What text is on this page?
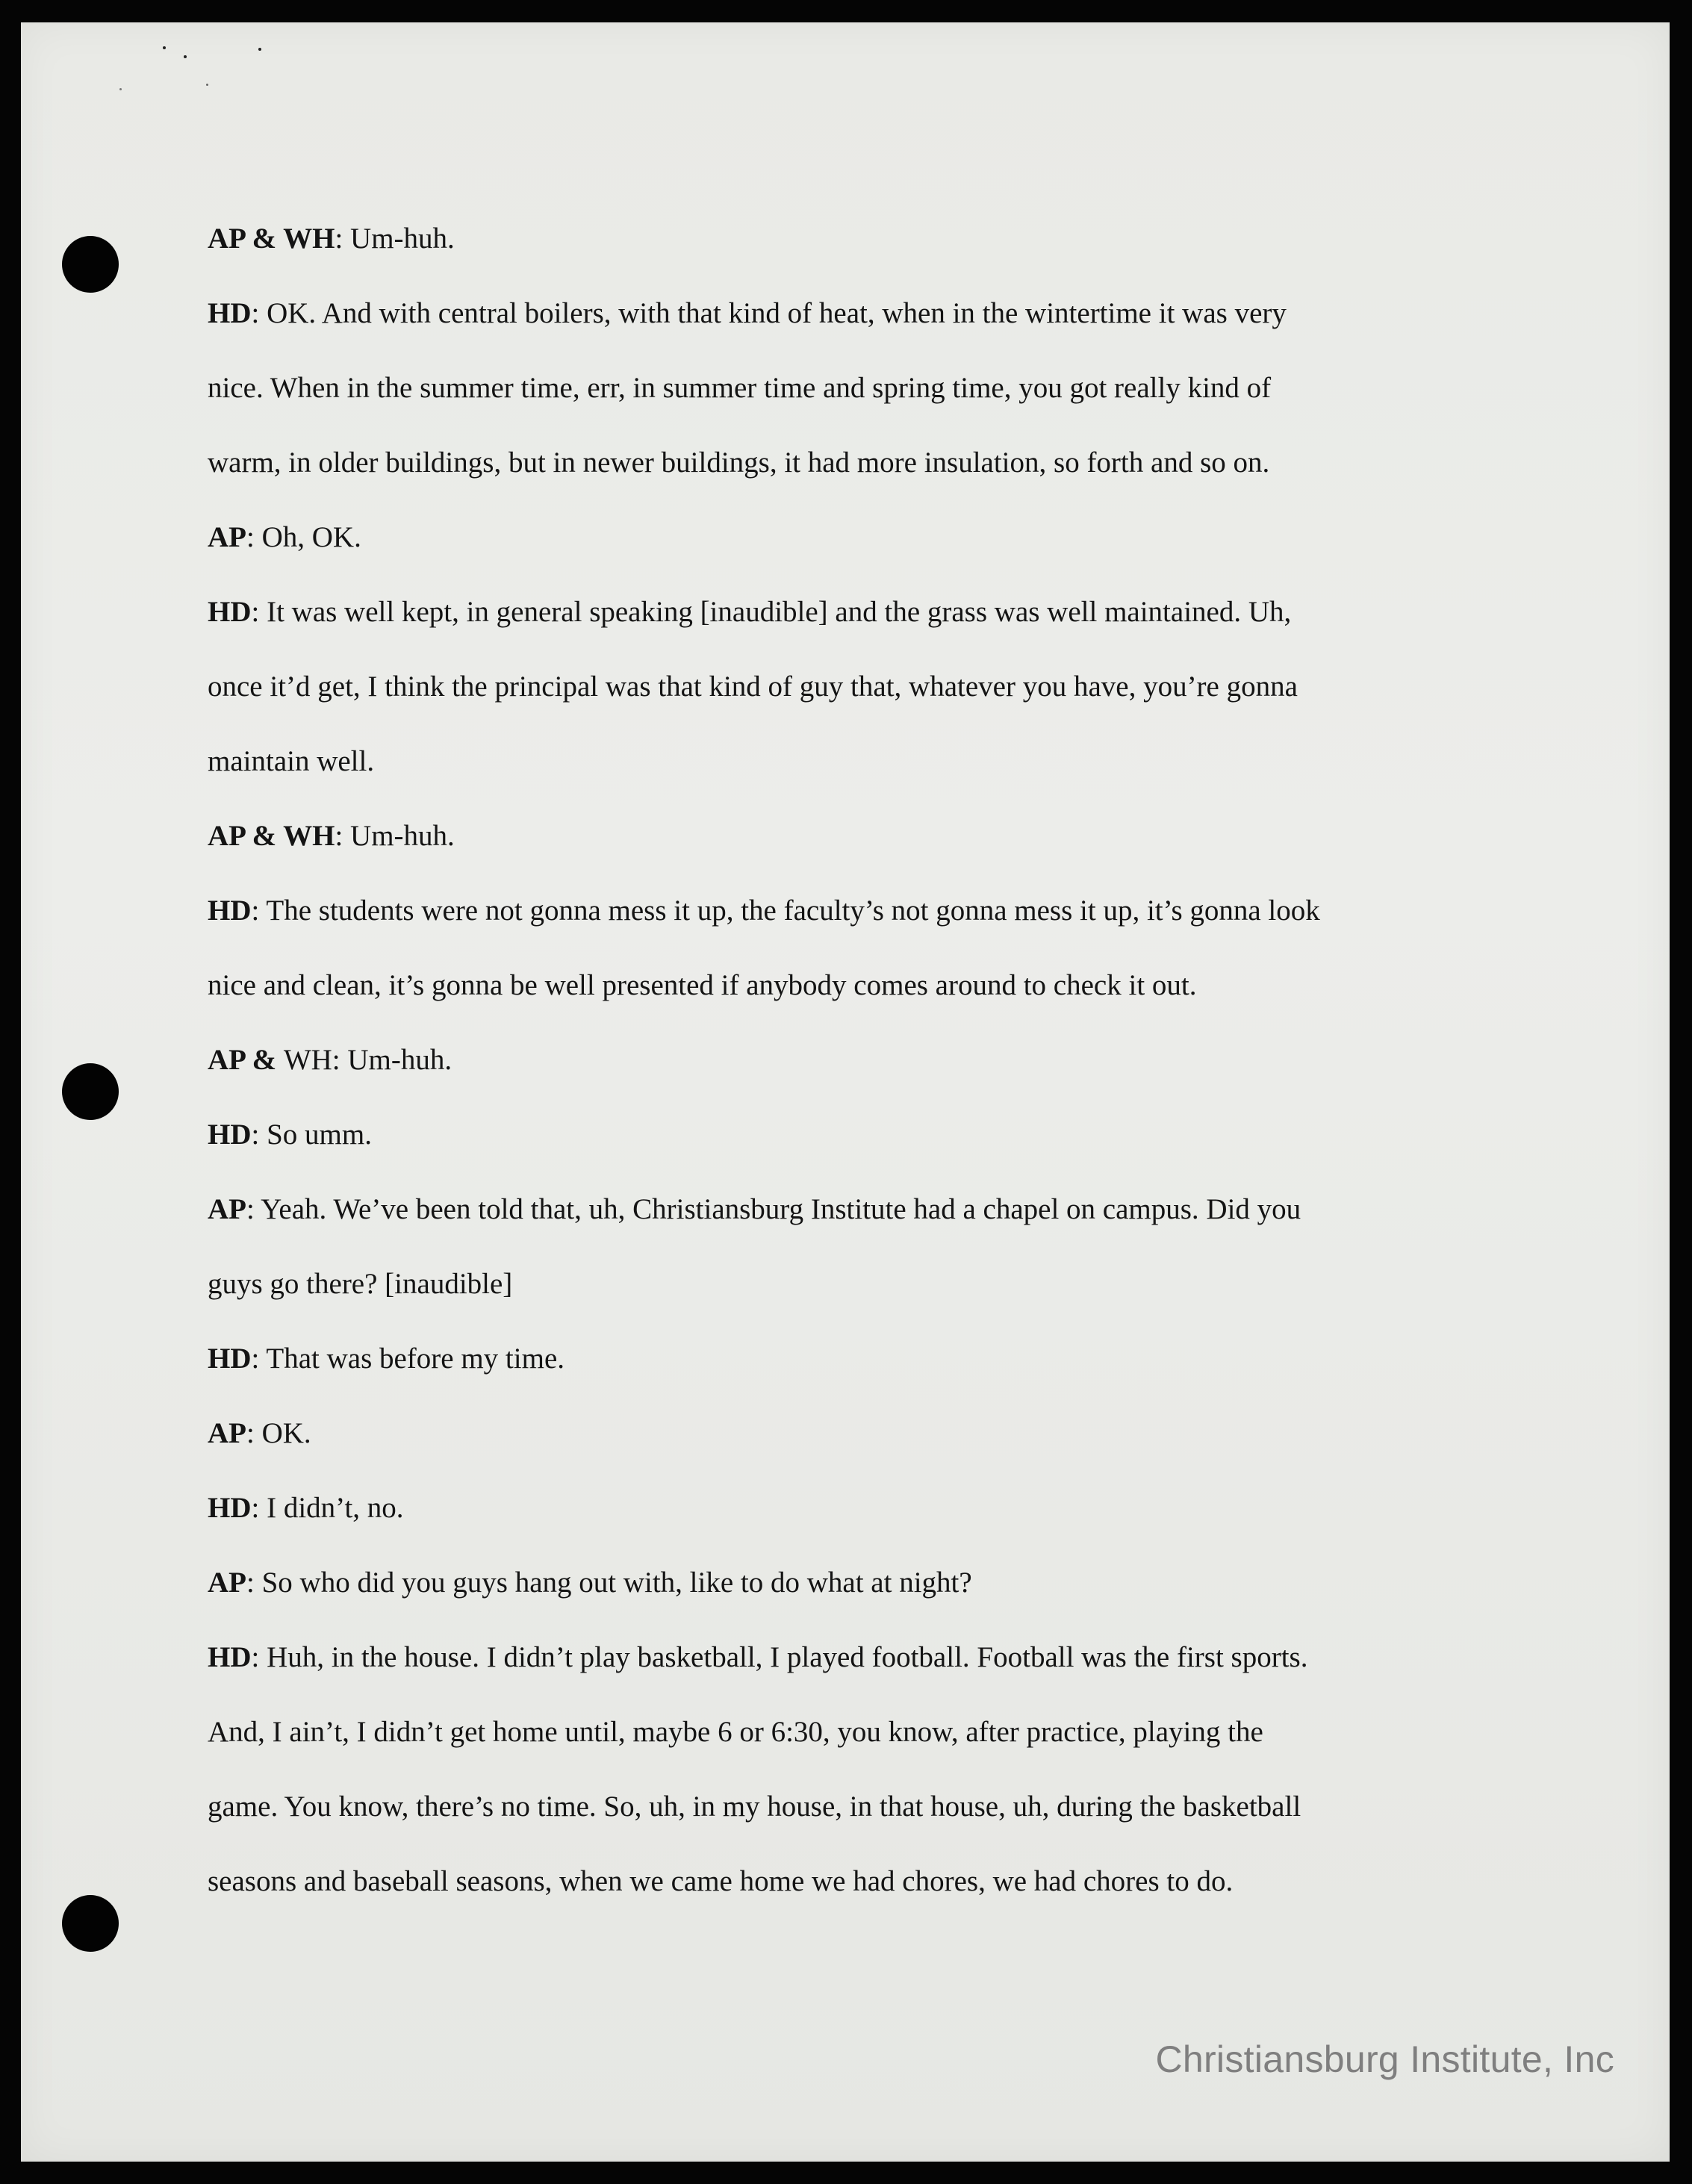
AP & WH: Um-huh.
HD: OK. And with central boilers, with that kind of heat, when in the wintertime it was very
nice. When in the summer time, err, in summer time and spring time, you got really kind of
warm, in older buildings, but in newer buildings, it had more insulation, so forth and so on.
AP: Oh, OK.
HD: It was well kept, in general speaking [inaudible] and the grass was well maintained. Uh,
once it’d get, I think the principal was that kind of guy that, whatever you have, you’re gonna
maintain well.
AP & WH: Um-huh.
HD: The students were not gonna mess it up, the faculty’s not gonna mess it up, it’s gonna look
nice and clean, it’s gonna be well presented if anybody comes around to check it out.
AP & WH: Um-huh.
HD: So umm.
AP: Yeah. We’ve been told that, uh, Christiansburg Institute had a chapel on campus. Did you
guys go there? [inaudible]
HD: That was before my time.
AP: OK.
HD: I didn’t, no.
AP: So who did you guys hang out with, like to do what at night?
HD: Huh, in the house. I didn’t play basketball, I played football. Football was the first sports.
And, I ain’t, I didn’t get home until, maybe 6 or 6:30, you know, after practice, playing the
game. You know, there’s no time. So, uh, in my house, in that house, uh, during the basketball
seasons and baseball seasons, when we came home we had chores, we had chores to do.
Christiansburg Institute, Inc
